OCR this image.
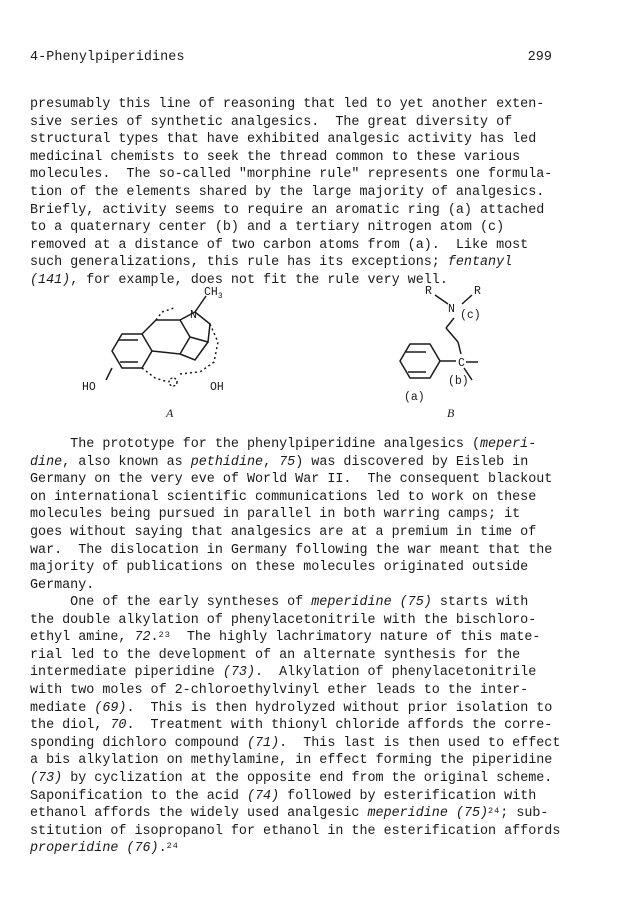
4-Phenylpiperidines	299
presumably this line of reasoning that led to yet another exten-
sive series of synthetic analgesics.  The great diversity of
structural types that have exhibited analgesic activity has led
medicinal chemists to seek the thread common to these various
molecules.  The so-called "morphine rule" represents one formula-
tion of the elements shared by the large majority of analgesics.
Briefly, activity seems to require an aromatic ring (a) attached
to a quaternary center (b) and a tertiary nitrogen atom (c)
removed at a distance of two carbon atoms from (a).  Like most
such generalizations, this rule has its exceptions; fentanyl
(141), for example, does not fit the rule very well.
$CH_3$
N
HO	OH
A
R	R
N (c)
C
(b)
(a)
B
The prototype for the phenylpiperidine analgesics (meperi-
dine, also known as pethidine, 75) was discovered by Eisleb in
Germany on the very eve of World War II.  The consequent blackout
on international scientific communications led to work on these
molecules being pursued in parallel in both warring camps; it
goes without saying that analgesics are at a premium in time of
war.  The dislocation in Germany following the war meant that the
majority of publications on these molecules originated outside
Germany.
One of the early syntheses of meperidine (75) starts with
the double alkylation of phenylacetonitrile with the bischloro-
ethyl amine, 72.23  The highly lachrimatory nature of this mate-
rial led to the development of an alternate synthesis for the
intermediate piperidine (73).  Alkylation of phenylacetonitrile
with two moles of 2-chloroethylvinyl ether leads to the inter-
mediate (69).  This is then hydrolyzed without prior isolation to
the diol, 70.  Treatment with thionyl chloride affords the corre-
sponding dichloro compound (71).  This last is then used to effect
a bis alkylation on methylamine, in effect forming the piperidine
(73) by cyclization at the opposite end from the original scheme.
Saponification to the acid (74) followed by esterification with
ethanol affords the widely used analgesic meperidine $(75)^{24}$; sub-
stitution of isopropanol for ethanol in the esterification affords
properidine (76).$^{24}$
